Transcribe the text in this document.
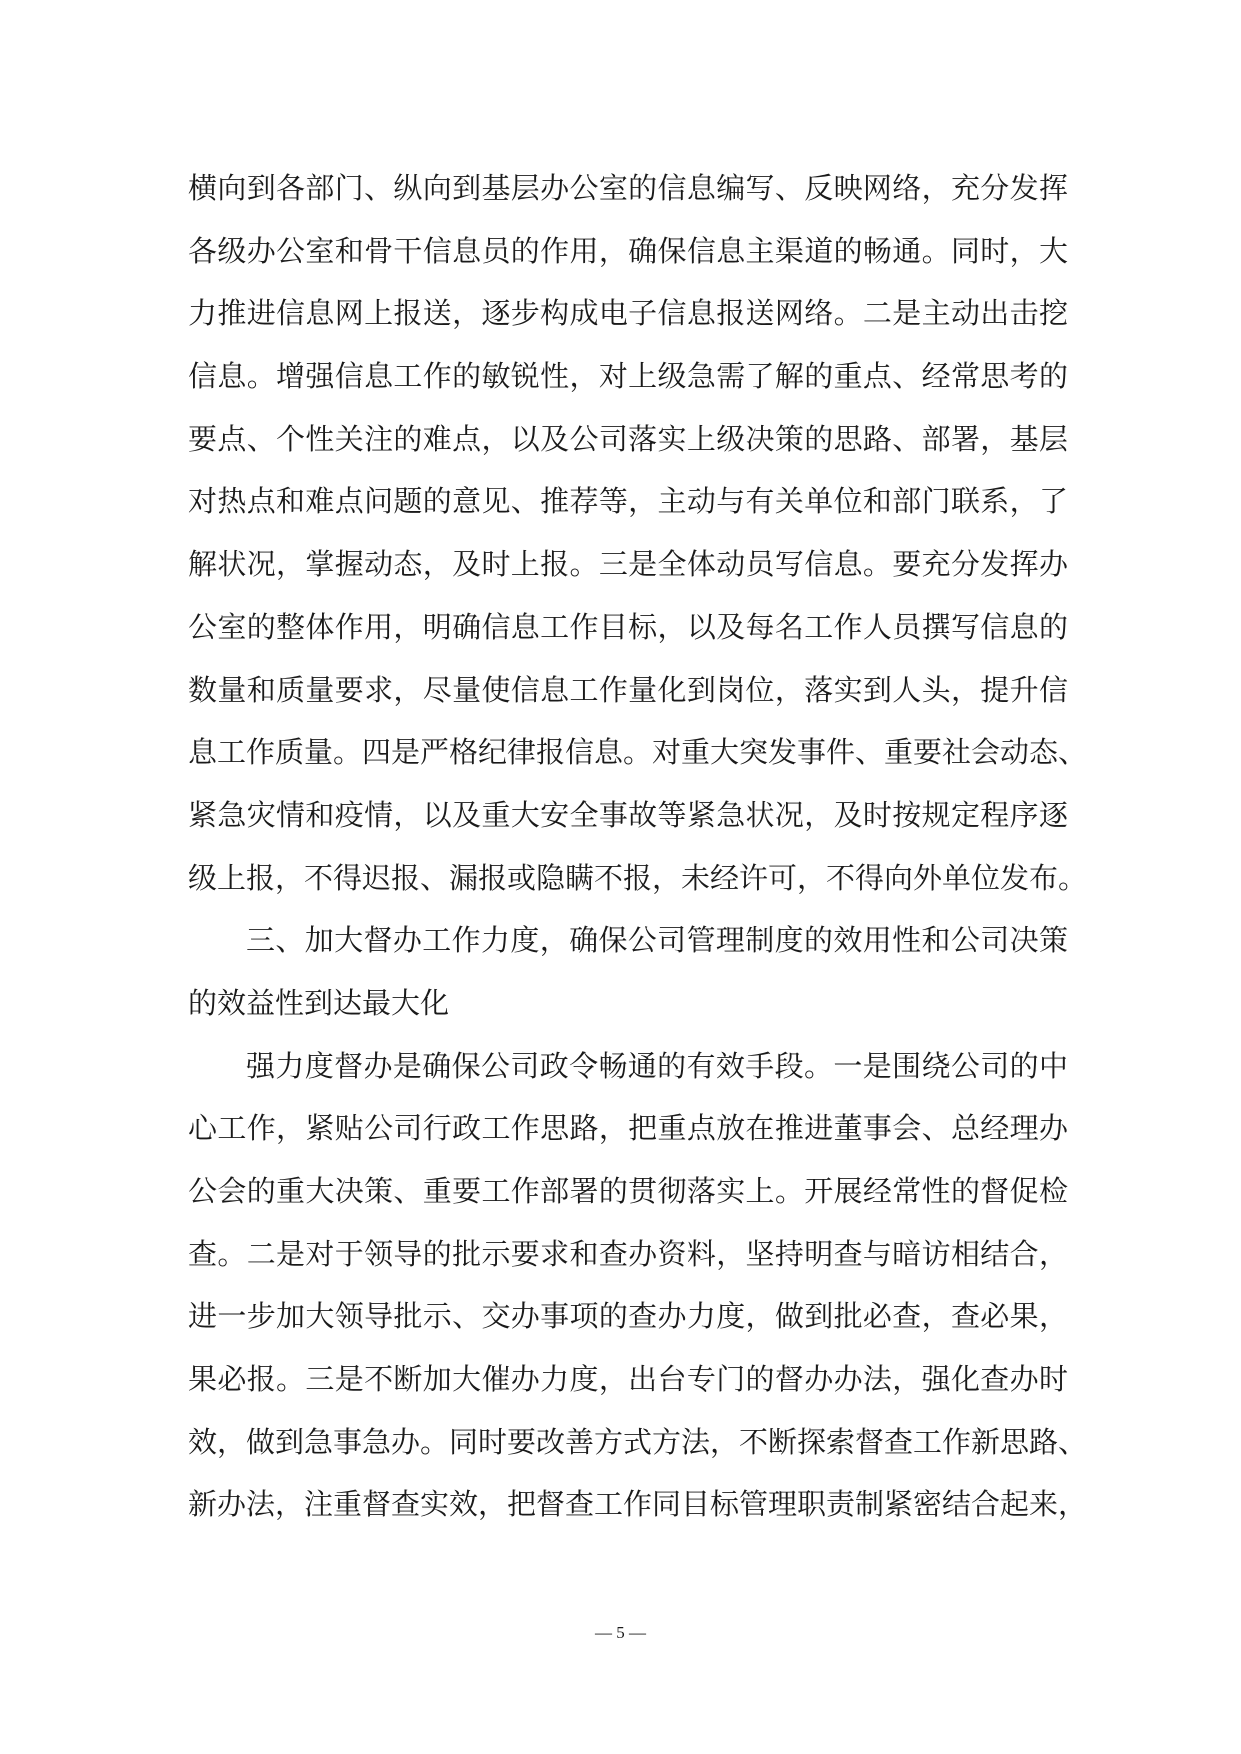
横向到各部门、纵向到基层办公室的信息编写、反映网络，充分发挥
各级办公室和骨干信息员的作用，确保信息主渠道的畅通。同时，大
力推进信息网上报送，逐步构成电子信息报送网络。二是主动出击挖
信息。增强信息工作的敏锐性，对上级急需了解的重点、经常思考的
要点、个性关注的难点，以及公司落实上级决策的思路、部署，基层
对热点和难点问题的意见、推荐等，主动与有关单位和部门联系，了
解状况，掌握动态，及时上报。三是全体动员写信息。要充分发挥办
公室的整体作用，明确信息工作目标，以及每名工作人员撰写信息的
数量和质量要求，尽量使信息工作量化到岗位，落实到人头，提升信
息工作质量。四是严格纪律报信息。对重大突发事件、重要社会动态、
紧急灾情和疫情，以及重大安全事故等紧急状况，及时按规定程序逐
级上报，不得迟报、漏报或隐瞒不报，未经许可，不得向外单位发布。
三、加大督办工作力度，确保公司管理制度的效用性和公司决策
的效益性到达最大化
强力度督办是确保公司政令畅通的有效手段。一是围绕公司的中
心工作，紧贴公司行政工作思路，把重点放在推进董事会、总经理办
公会的重大决策、重要工作部署的贯彻落实上。开展经常性的督促检
查。二是对于领导的批示要求和查办资料，坚持明查与暗访相结合，
进一步加大领导批示、交办事项的查办力度，做到批必查，查必果，
果必报。三是不断加大催办力度，出台专门的督办办法，强化查办时
效，做到急事急办。同时要改善方式方法，不断探索督查工作新思路、
新办法，注重督查实效，把督查工作同目标管理职责制紧密结合起来，
— 5 —
